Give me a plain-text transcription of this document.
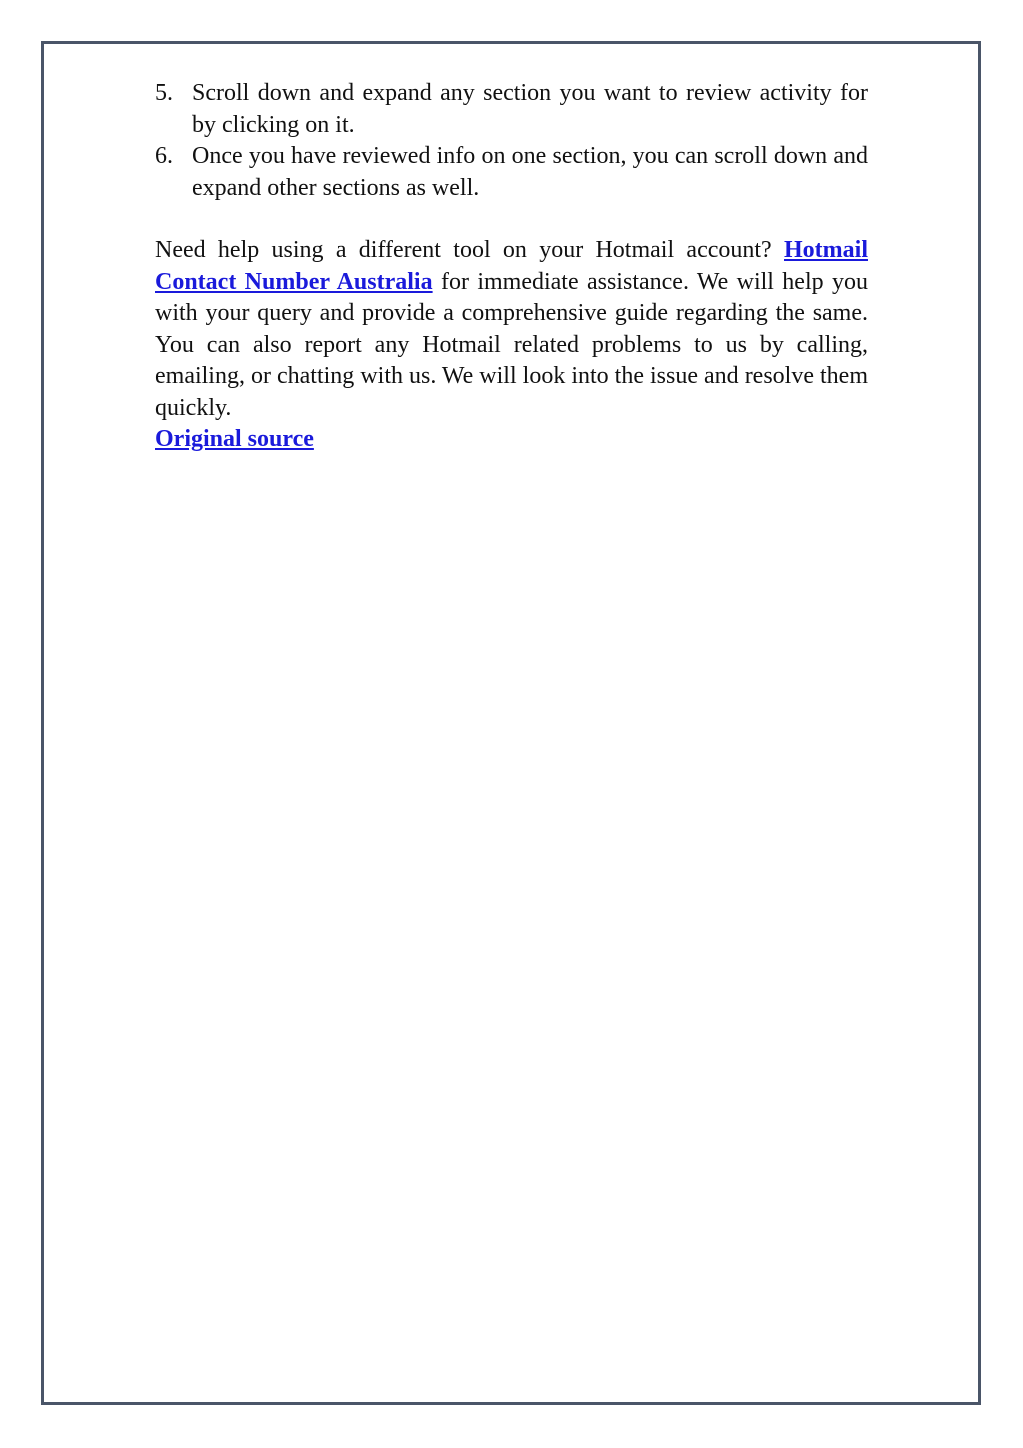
5. Scroll down and expand any section you want to review activity for by clicking on it.
6. Once you have reviewed info on one section, you can scroll down and expand other sections as well.

Need help using a different tool on your Hotmail account? Hotmail Contact Number Australia for immediate assistance. We will help you with your query and provide a comprehensive guide regarding the same. You can also report any Hotmail related problems to us by calling, emailing, or chatting with us. We will look into the issue and resolve them quickly.

Original source
